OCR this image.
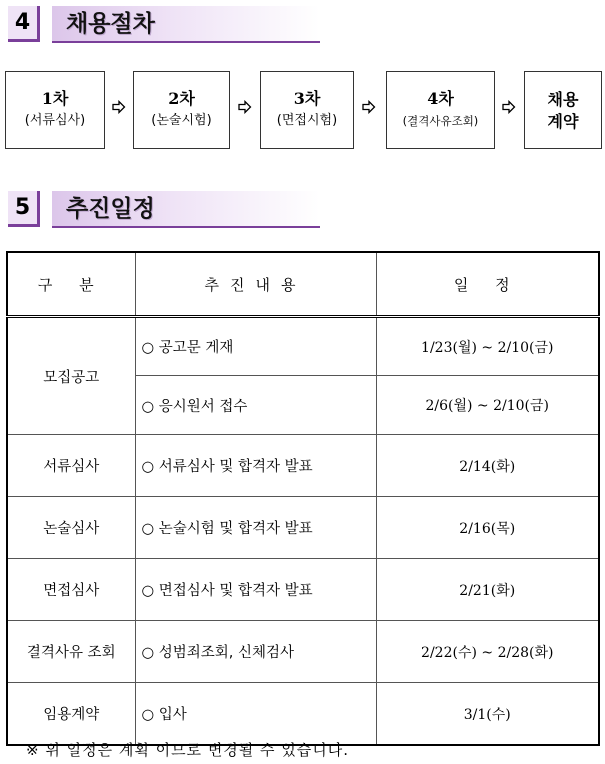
4	채용절차
1차
(서류심사)
2차
(논술시험)
3차
(면접시험)
4차
(결격사유조회)
채용
계약
5	추진일정
구 분	추진내용	일 정
모집공고	○ 공고문 게재	1/23(월) ~ 2/10(금)
	○ 응시원서 접수	2/6(월) ~ 2/10(금)
서류심사	○ 서류심사 및 합격자 발표	2/14(화)
논술심사	○ 논술시험 및 합격자 발표	2/16(목)
면접심사	○ 면접심사 및 합격자 발표	2/21(화)
결격사유 조회	○ 성범죄조회, 신체검사	2/22(수) ~ 2/28(화)
임용계약	○ 입사	3/1(수)
※ 위 일정은 계획 이므로 변경될 수 있습니다.
